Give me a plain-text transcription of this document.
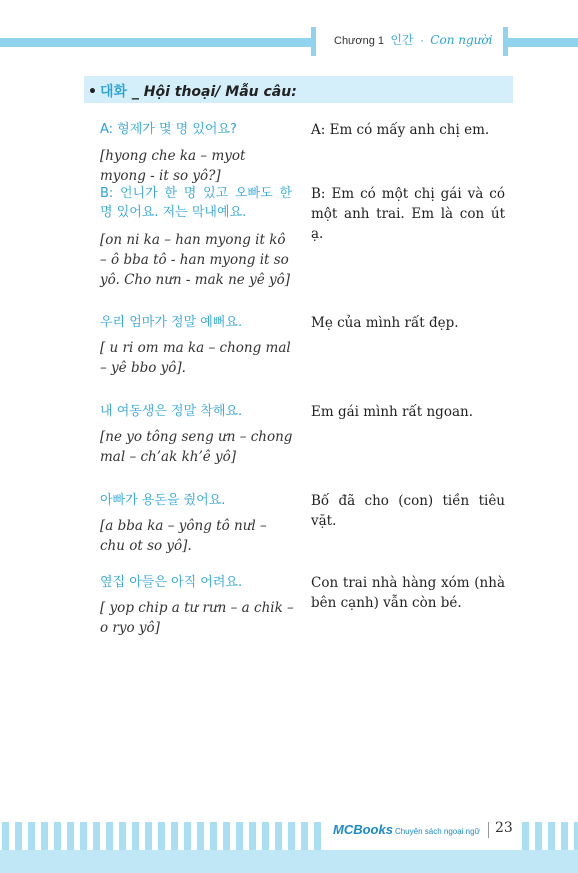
Chương 1 인간 · Con người
• 대화 _ Hội thoại/ Mẫu câu:
A: 형제가 몇 명 있어요?
[hyong che ka – myot myong - it so yô?]
A: Em có mấy anh chị em.
B: 언니가 한 명 있고 오빠도 한 명 있어요. 저는 막내예요.
[on ni ka – han myong it kô – ô bba tô - han myong it so yô. Cho nưn - mak ne yê yô]
B: Em có một chị gái và có một anh trai. Em là con út ạ.
우리 엄마가 정말 예뻐요.
[ u ri om ma ka – chong mal – yê bbo yô].
Mẹ của mình rất đẹp.
내 여동생은 정말 착해요.
[ne yo tông seng ưn – chong mal – ch’ak kh’ê yô]
Em gái mình rất ngoan.
아빠가 용돈을 줬어요.
[a bba ka – yông tô nưl – chu ot so yô].
Bố đã cho (con) tiền tiêu vặt.
옆집 아들은 아직 어려요.
[ yop chip a tư rưn – a chik – o ryo yô]
Con trai nhà hàng xóm (nhà bên cạnh) vẫn còn bé.
MCBooks Chuyên sách ngoại ngữ 23
